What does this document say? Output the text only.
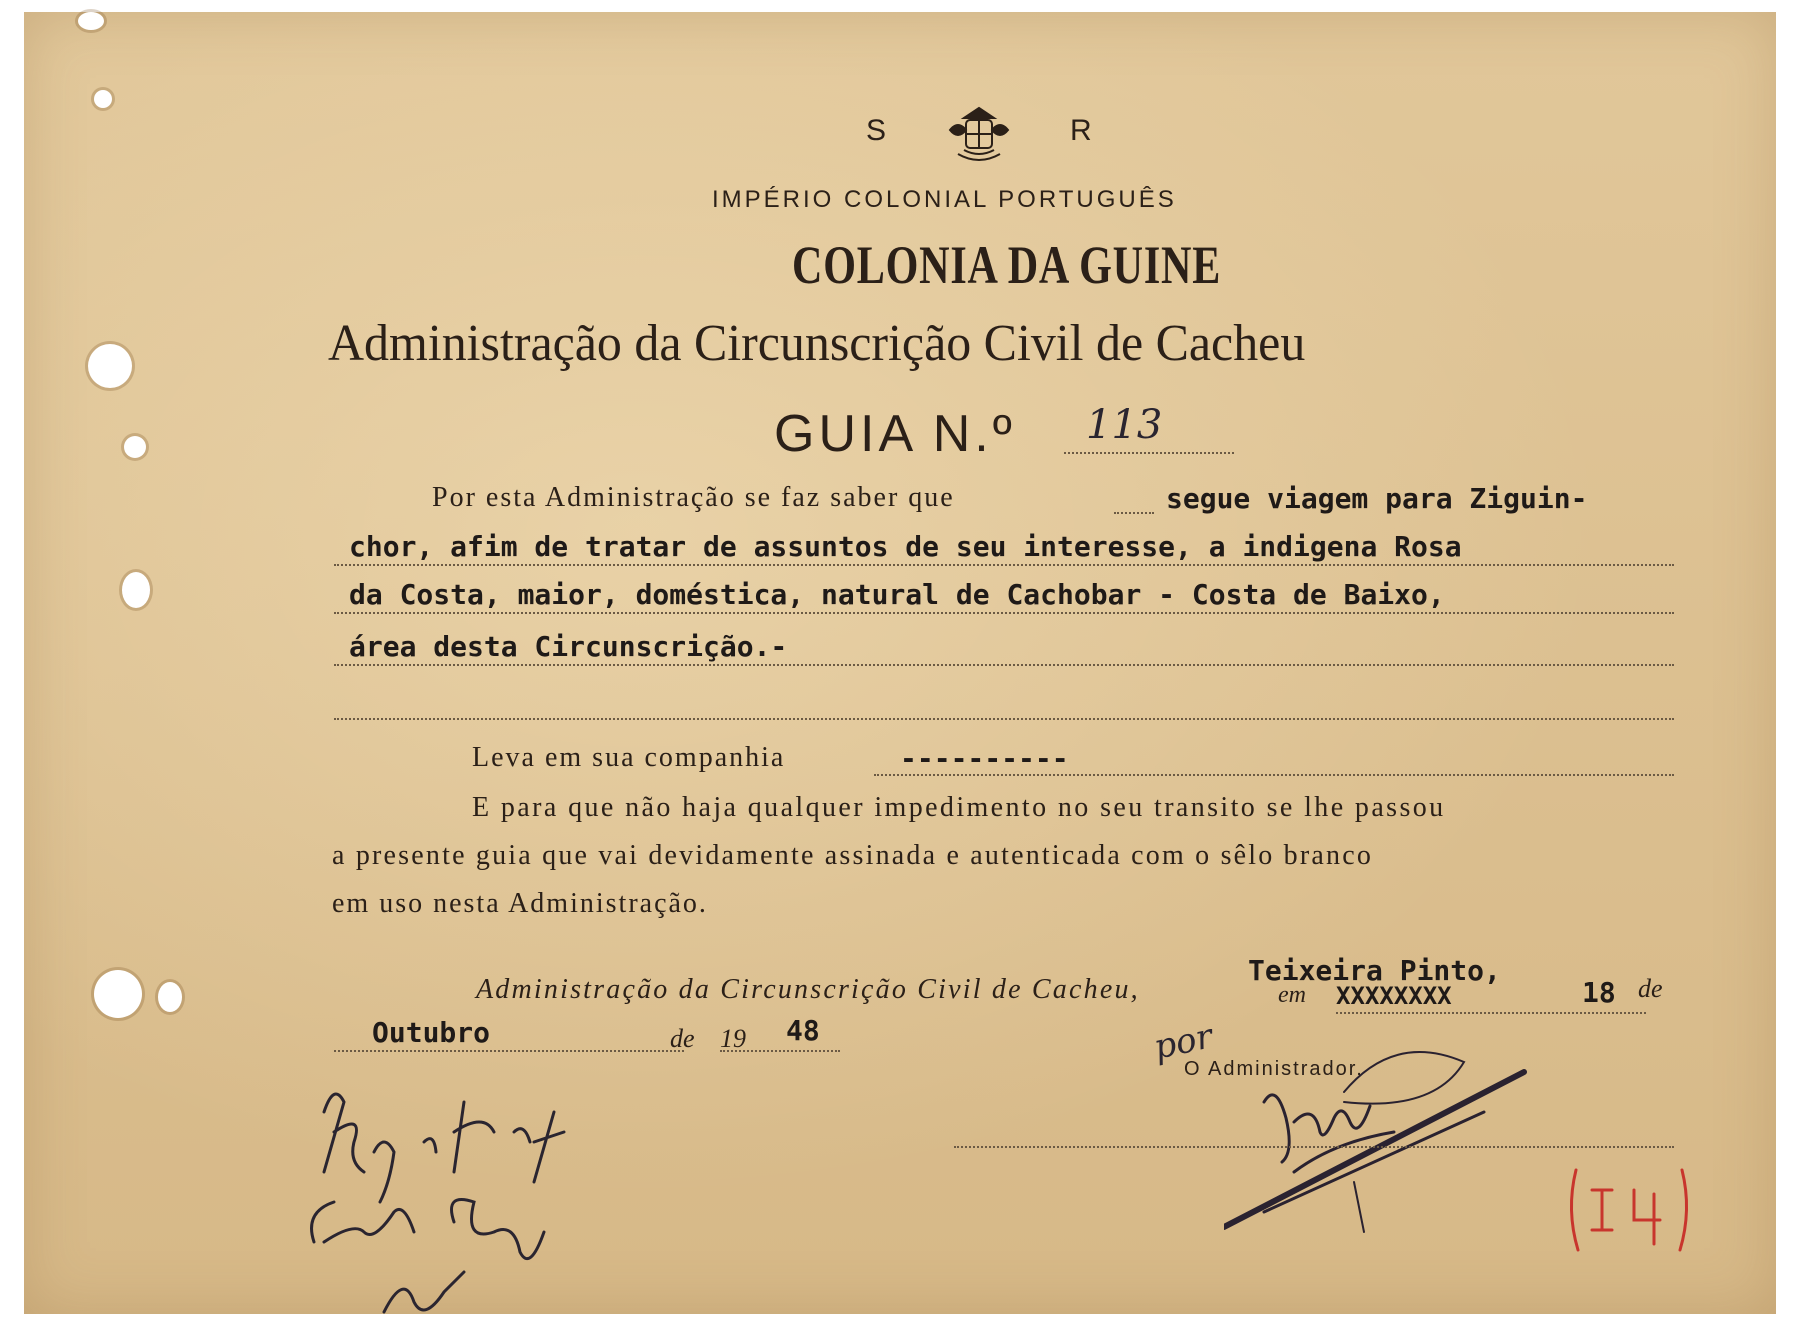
S	R
IMPÉRIO COLONIAL PORTUGUÊS
COLONIA DA GUINE
Administração da Circunscrição Civil de Cacheu
GUIA N.º 113
Por esta Administração se faz saber que	segue viagem para Ziguin-
chor, afim de tratar de assuntos de seu interesse, a indigena Rosa
da Costa, maior, doméstica, natural de Cachobar - Costa de Baixo,
área desta Circunscrição.-
Leva em sua companhia	----------
E para que não haja qualquer impedimento no seu transito se lhe passou
a presente guia que vai devidamente assinada e autenticada com o sêlo branco
em uso nesta Administração.
Administração da Circunscrição Civil de Cacheu,	em
Teixeira Pinto,
XXXXXXXX	18 de
Outubro	de 19 48	por
O Administrador,
